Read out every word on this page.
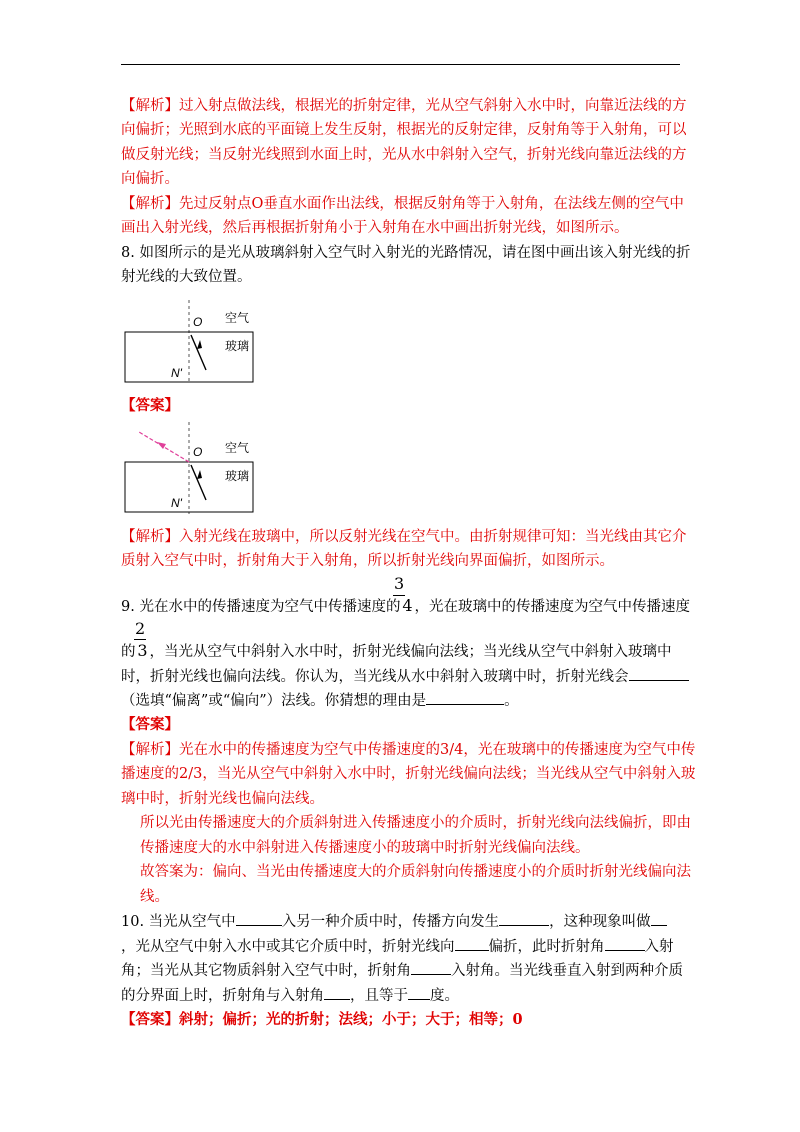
【解析】过入射点做法线，根据光的折射定律，光从空气斜射入水中时，向靠近法线的方
向偏折；光照到水底的平面镜上发生反射，根据光的反射定律，反射角等于入射角，可以
做反射光线；当反射光线照到水面上时，光从水中斜射入空气，折射光线向靠近法线的方
向偏折。
【解析】先过反射点O垂直水面作出法线，根据反射角等于入射角，在法线左侧的空气中
画出入射光线，然后再根据折射角小于入射角在水中画出折射光线，如图所示。
8. 如图所示的是光从玻璃斜射入空气时入射光的光路情况，请在图中画出该入射光线的折
射光线的大致位置。
O 空气
玻璃
N'
【答案】
O 空气
玻璃
N'
【解析】入射光线在玻璃中，所以反射光线在空气中。由折射规律可知：当光线由其它介
质射入空气中时，折射角大于入射角，所以折射光线向界面偏折，如图所示。
3
9. 光在水中的传播速度为空气中传播速度的 4 ，光在玻璃中的传播速度为空气中传播速度
2
的 3 ，当光从空气中斜射入水中时，折射光线偏向法线；当光线从空气中斜射入玻璃中
时，折射光线也偏向法线。你认为，当光线从水中斜射入玻璃中时，折射光线会
（选填“偏离”或“偏向”）法线。你猜想的理由是	。
【答案】
【解析】光在水中的传播速度为空气中传播速度的3/4，光在玻璃中的传播速度为空气中传
播速度的2/3，当光从空气中斜射入水中时，折射光线偏向法线；当光线从空气中斜射入玻
璃中时，折射光线也偏向法线。
所以光由传播速度大的介质斜射进入传播速度小的介质时，折射光线向法线偏折，即由
传播速度大的水中斜射进入传播速度小的玻璃中时折射光线偏向法线。
故答案为：偏向、当光由传播速度大的介质斜射向传播速度小的介质时折射光线偏向法
线。
10. 当光从空气中	入另一种介质中时，传播方向发生	，这种现象叫做
，光从空气中射入水中或其它介质中时，折射光线向 偏折，此时折射角	入射
角；当光从其它物质斜射入空气中时，折射角	入射角。当光线垂直入射到两种介质
的分界面上时，折射角与入射角 ，且等于 度。
【答案】斜射；偏折；光的折射；法线；小于；大于；相等；0
